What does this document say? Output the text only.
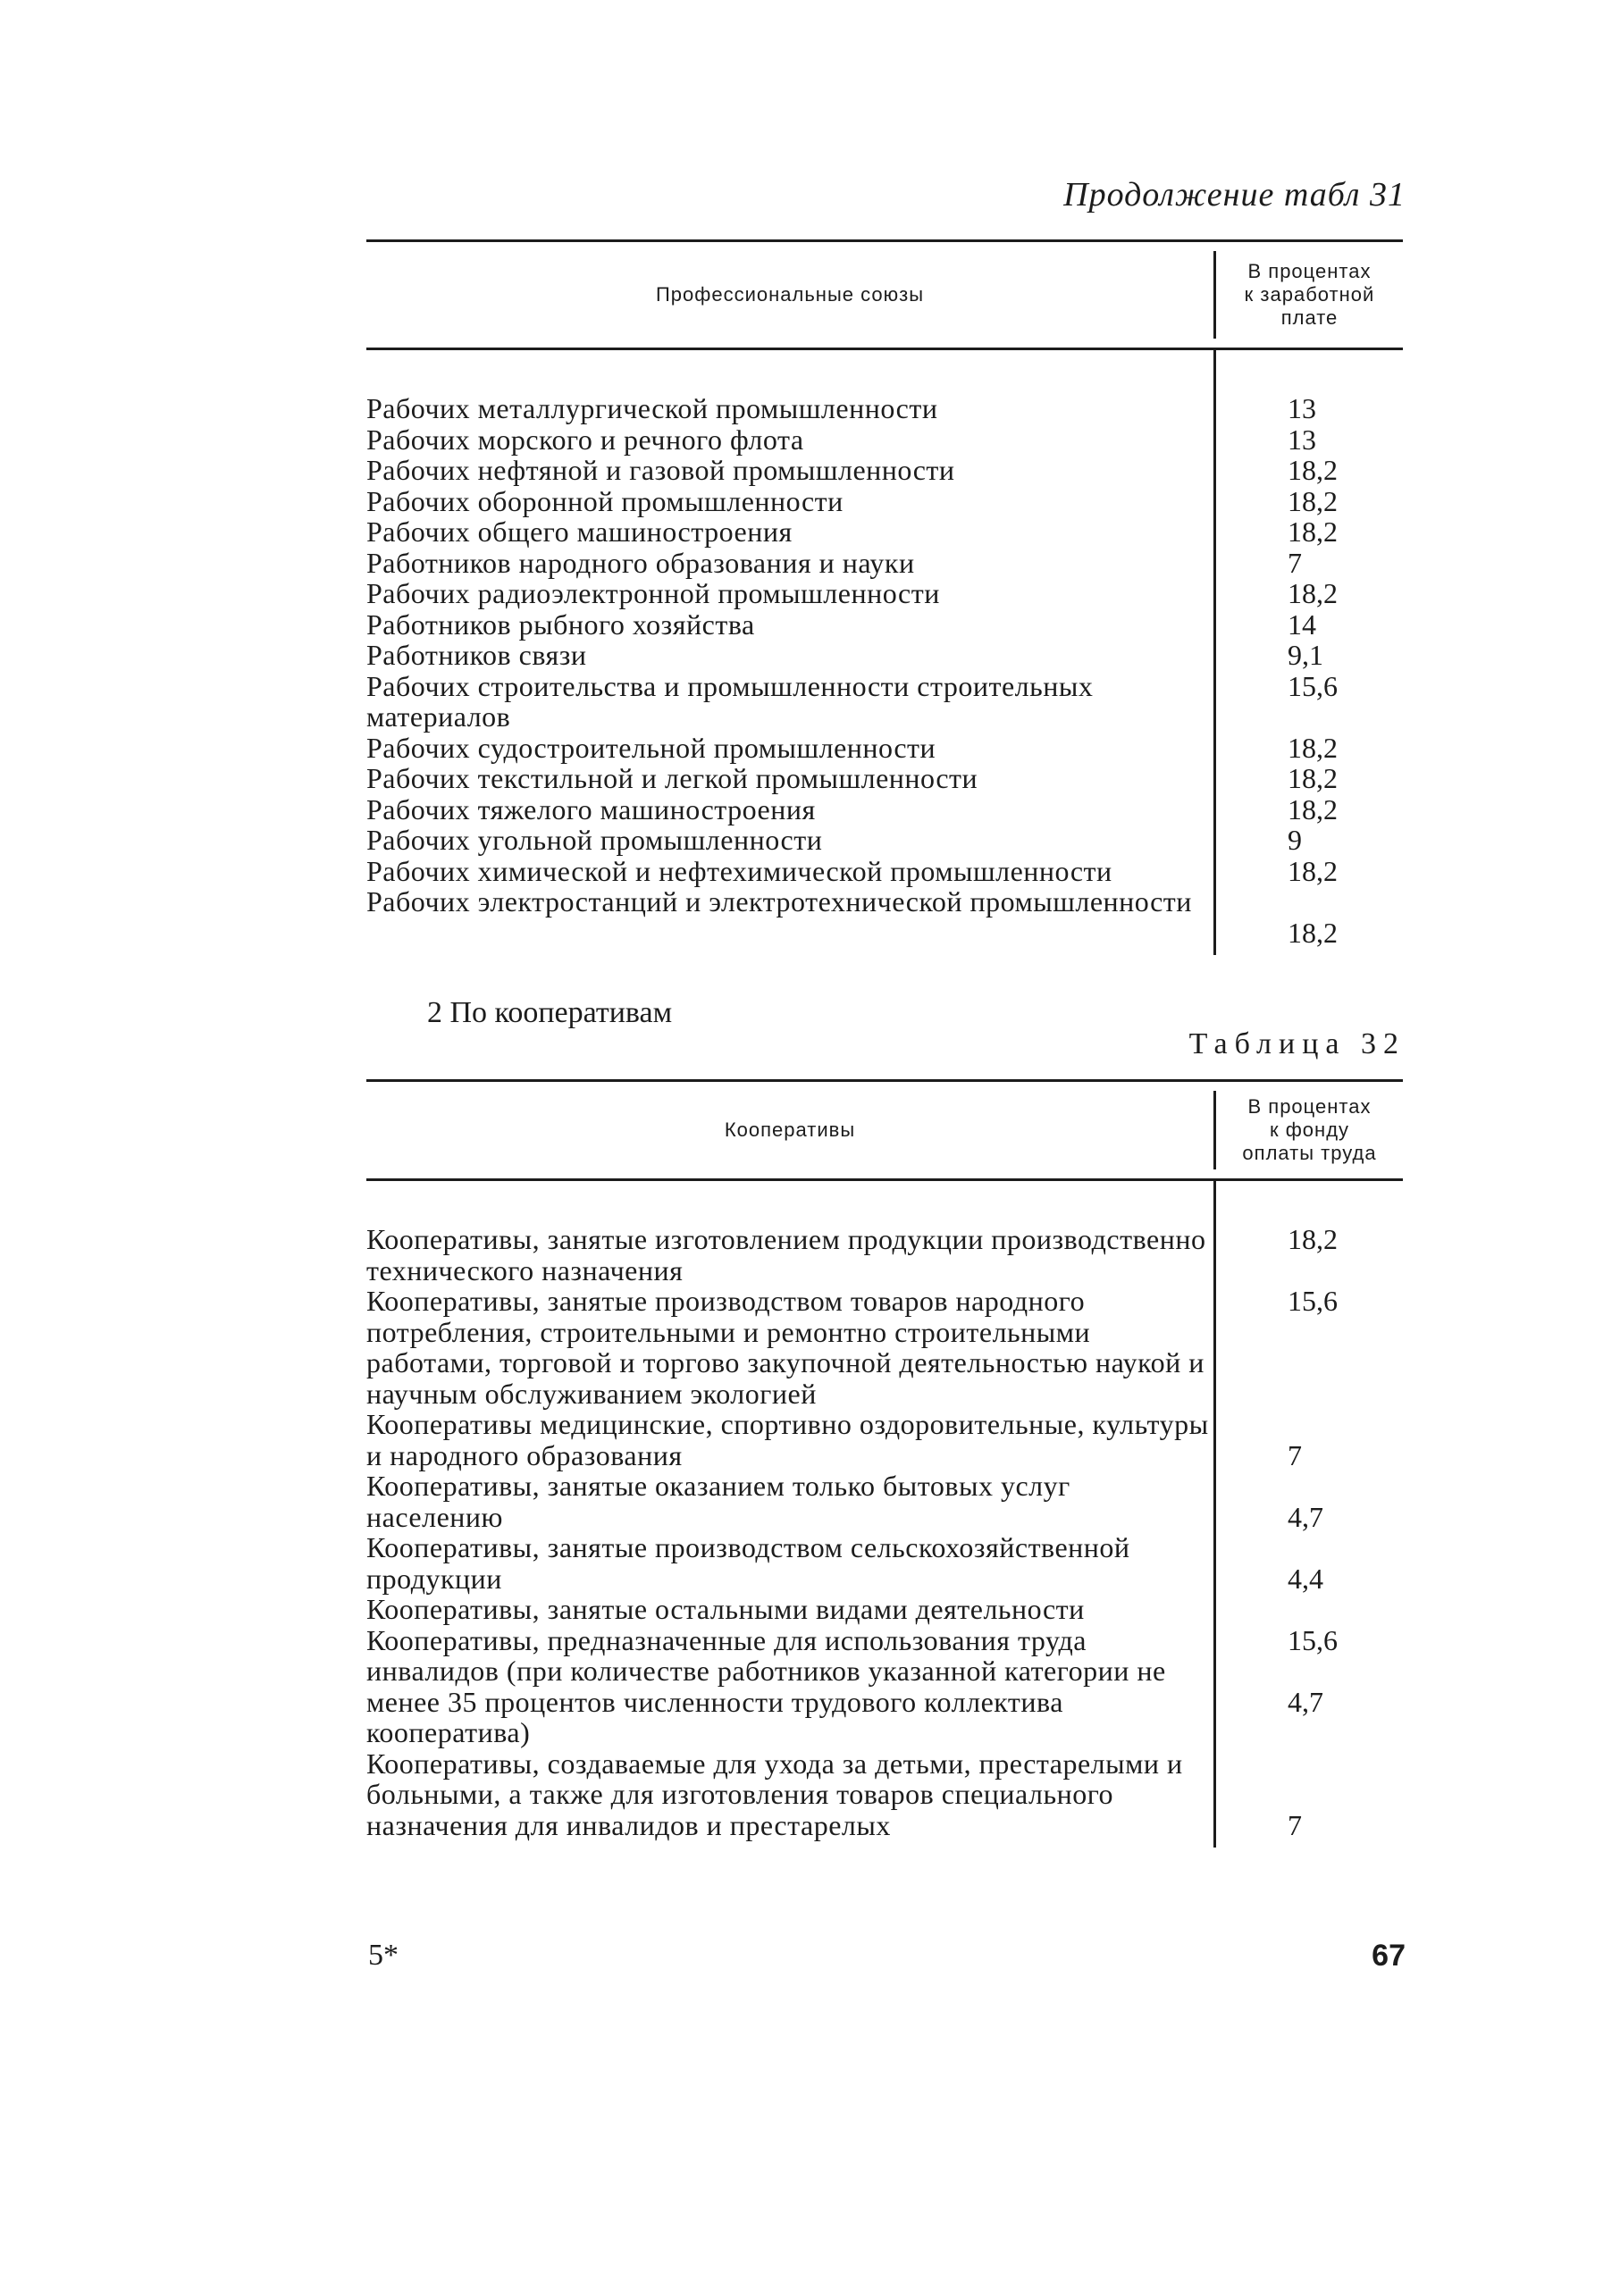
Продолжение табл 31
Профессиональные союзы
В процентах
к заработной
плате
Рабочих металлургической промышленности
Рабочих морского и речного флота
Рабочих нефтяной и газовой промышленности
Рабочих оборонной промышленности
Рабочих общего машиностроения
Работников народного образования и науки
Рабочих радиоэлектронной промышленности
Работников рыбного хозяйства
Работников связи
Рабочих строительства и промышленности строительных материалов
Рабочих судостроительной промышленности
Рабочих текстильной и легкой промышленности
Рабочих тяжелого машиностроения
Рабочих угольной промышленности
Рабочих химической и нефтехимической промышленности
Рабочих электростанций и электротехнической промышленности
13
13
18,2
18,2
18,2
7
18,2
14
9,1
15,6
18,2
18,2
18,2
9
18,2
18,2
2 По кооперативам
Таблица 32
Кооперативы
В процентах
к фонду
оплаты труда
Кооперативы, занятые изготовлением продукции производственно технического назначения
Кооперативы, занятые производством товаров народного потребления, строительными и ремонтно строительными работами, торговой и торгово закупочной деятельностью наукой и научным обслуживанием экологией
Кооперативы медицинские, спортивно оздоровительные, культуры и народного образования
Кооперативы, занятые оказанием только бытовых услуг населению
Кооперативы, занятые производством сельскохозяйственной продукции
Кооперативы, занятые остальными видами деятельности
Кооперативы, предназначенные для использования труда инвалидов (при количестве работников указанной категории не менее 35 процентов численности трудового коллектива кооператива)
Кооперативы, создаваемые для ухода за детьми, престарелыми и больными, а также для изготовления товаров специального назначения для инвалидов и престарелых
18,2
15,6
7
4,7
4,4
15,6
4,7
7
5*	67
